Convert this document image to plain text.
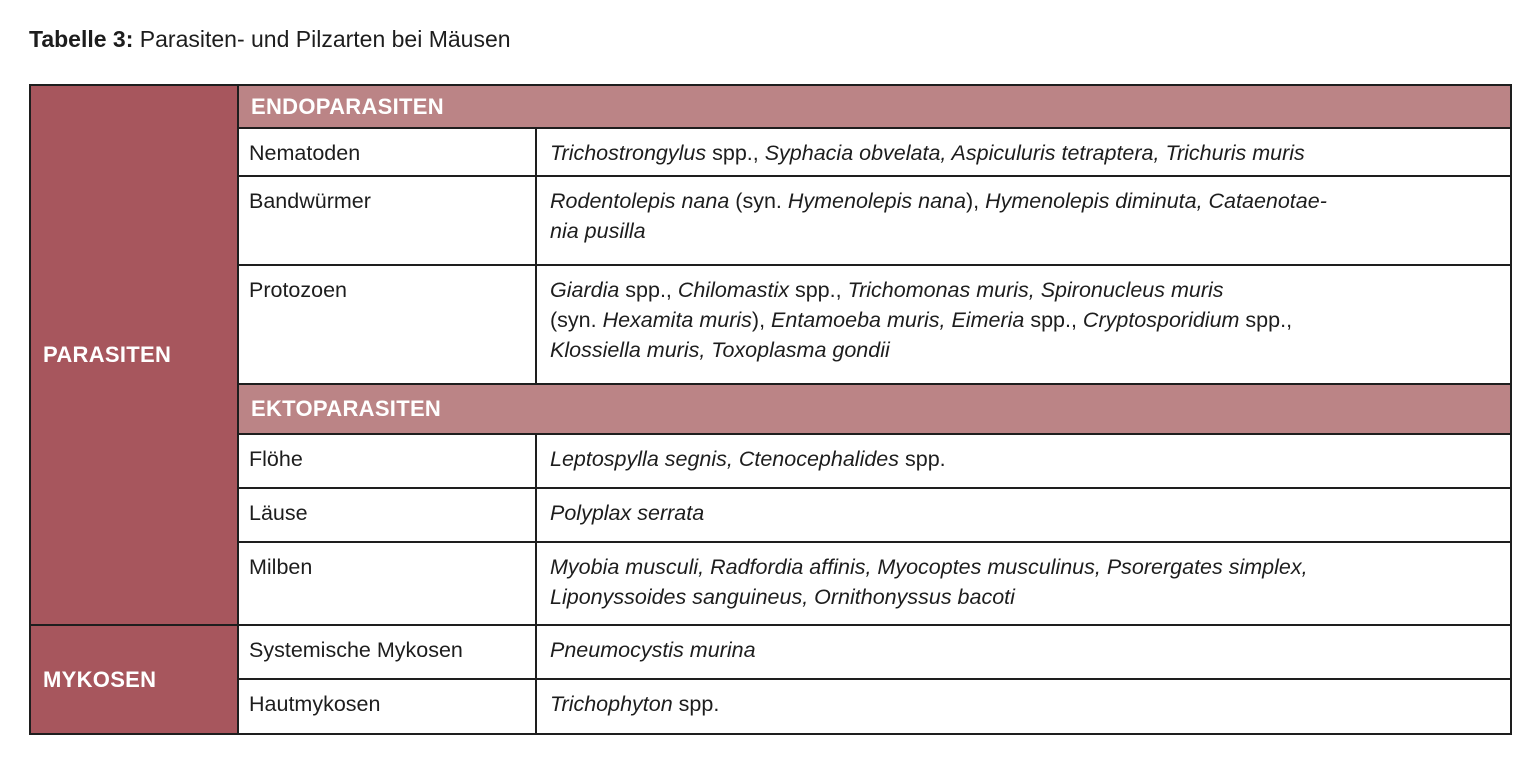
Tabelle 3: Parasiten- und Pilzarten bei Mäusen
PARASITEN	ENDOPARASITEN	
	Nematoden	Trichostrongylus spp., Syphacia obvelata, Aspiculuris tetraptera, Trichuris muris

	Bandwürmer	Rodentolepis nana (syn. Hymenolepis nana), Hymenolepis diminuta, Cataenotae-
nia pusilla

	Protozoen	Giardia spp., Chilomastix spp., Trichomonas muris, Spironucleus muris
(syn. Hexamita muris), Entamoeba muris, Eimeria spp., Cryptosporidium spp.,
Klossiella muris, Toxoplasma gondii

	EKTOPARASITEN	
	Flöhe	Leptospylla segnis, Ctenocephalides spp.

	Läuse	Polyplax serrata

	Milben	Myobia musculi, Radfordia affinis, Myocoptes musculinus, Psorergates simplex,
Liponyssoides sanguineus, Ornithonyssus bacoti

MYKOSEN	Systemische Mykosen	Pneumocystis murina

	Hautmykosen	Trichophyton spp.
